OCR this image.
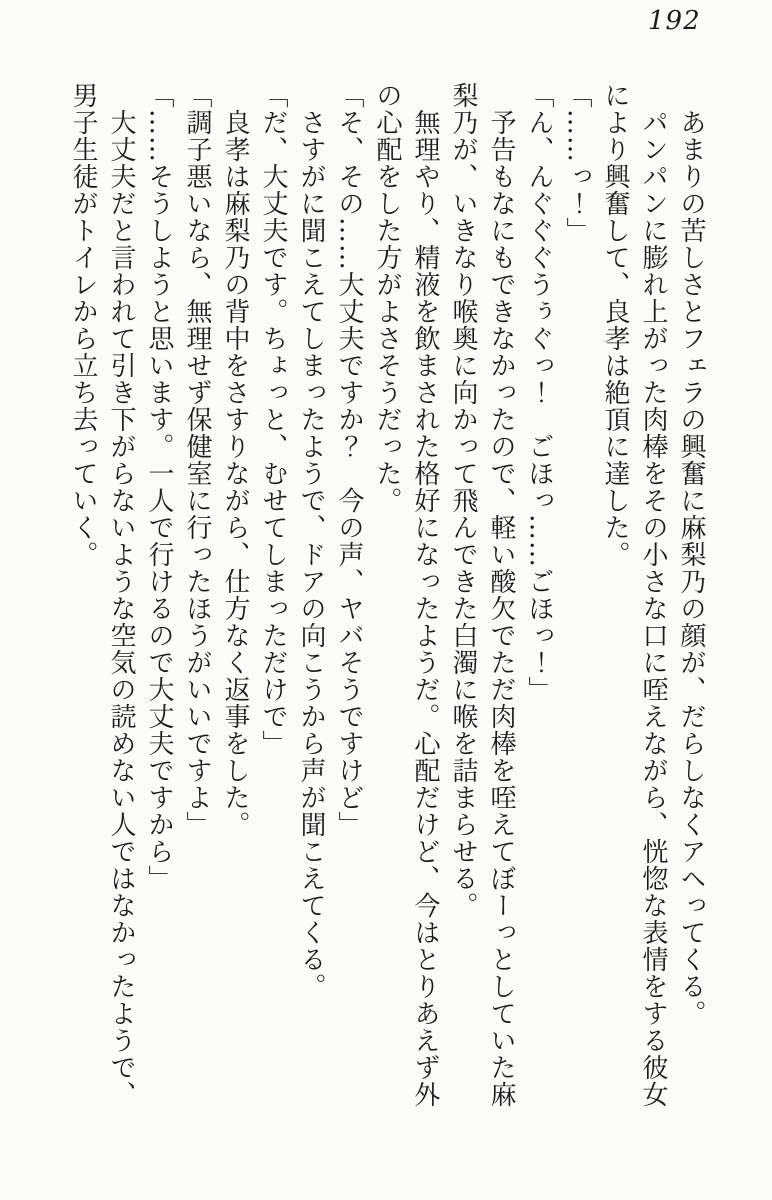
192

あまりの苦しさとフェラの興奮に麻梨乃の顔が、だらしなくアヘってくる。

パンパンに膨れ上がった肉棒をその小さな口に咥えながら、恍惚な表情をする彼女により興奮して、良孝は絶頂に達した。

「……っ！」

「ん、んぐぐぐうぅぐっ！　ごほっ……ごほっ！」

予告もなにもできなかったので、軽い酸欠でただ肉棒を咥えてぼーっとしていた麻梨乃が、いきなり喉奥に向かって飛んできた白濁に喉を詰まらせる。

無理やり、精液を飲まされた格好になったようだ。心配だけど、今はとりあえず外の心配をした方がよさそうだった。

「そ、その……大丈夫ですか？　今の声、ヤバそうですけど」

さすがに聞こえてしまったようで、ドアの向こうから声が聞こえてくる。

「だ、大丈夫です。ちょっと、むせてしまっただけで」

良孝は麻梨乃の背中をさすりながら、仕方なく返事をした。

「調子悪いなら、無理せず保健室に行ったほうがいいですよ」

「……そうしようと思います。一人で行けるので大丈夫ですから」

大丈夫だと言われて引き下がらないような空気の読めない人ではなかったようで、男子生徒がトイレから立ち去っていく。
